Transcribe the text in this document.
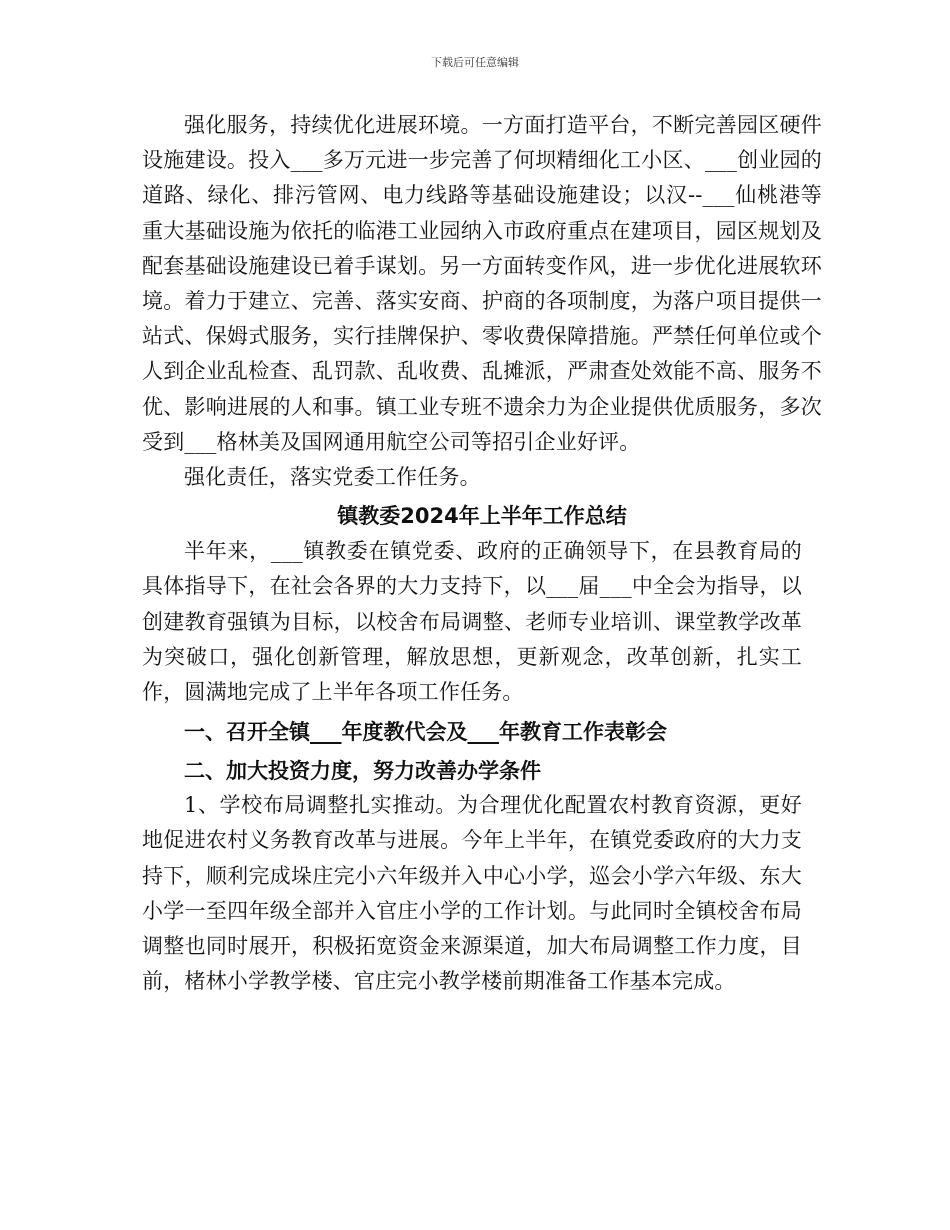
下载后可任意编辑

强化服务，持续优化进展环境。一方面打造平台，不断完善园区硬件设施建设。投入___多万元进一步完善了何坝精细化工小区、___创业园的道路、绿化、排污管网、电力线路等基础设施建设；以汉--___仙桃港等重大基础设施为依托的临港工业园纳入市政府重点在建项目，园区规划及配套基础设施建设已着手谋划。另一方面转变作风，进一步优化进展软环境。着力于建立、完善、落实安商、护商的各项制度，为落户项目提供一站式、保姆式服务，实行挂牌保护、零收费保障措施。严禁任何单位或个人到企业乱检查、乱罚款、乱收费、乱摊派，严肃查处效能不高、服务不优、影响进展的人和事。镇工业专班不遗余力为企业提供优质服务，多次受到___格林美及国网通用航空公司等招引企业好评。

强化责任，落实党委工作任务。

镇教委2024年上半年工作总结

半年来，___镇教委在镇党委、政府的正确领导下，在县教育局的具体指导下，在社会各界的大力支持下，以___届___中全会为指导，以创建教育强镇为目标，以校舍布局调整、老师专业培训、课堂教学改革为突破口，强化创新管理，解放思想，更新观念，改革创新，扎实工作，圆满地完成了上半年各项工作任务。

一、召开全镇___年度教代会及___年教育工作表彰会
二、加大投资力度，努力改善办学条件

1、学校布局调整扎实推动。为合理优化配置农村教育资源，更好地促进农村义务教育改革与进展。今年上半年，在镇党委政府的大力支持下，顺利完成垛庄完小六年级并入中心小学，巡会小学六年级、东大小学一至四年级全部并入官庄小学的工作计划。与此同时全镇校舍布局调整也同时展开，积极拓宽资金来源渠道，加大布局调整工作力度，目前，楮林小学教学楼、官庄完小教学楼前期准备工作基本完成。
